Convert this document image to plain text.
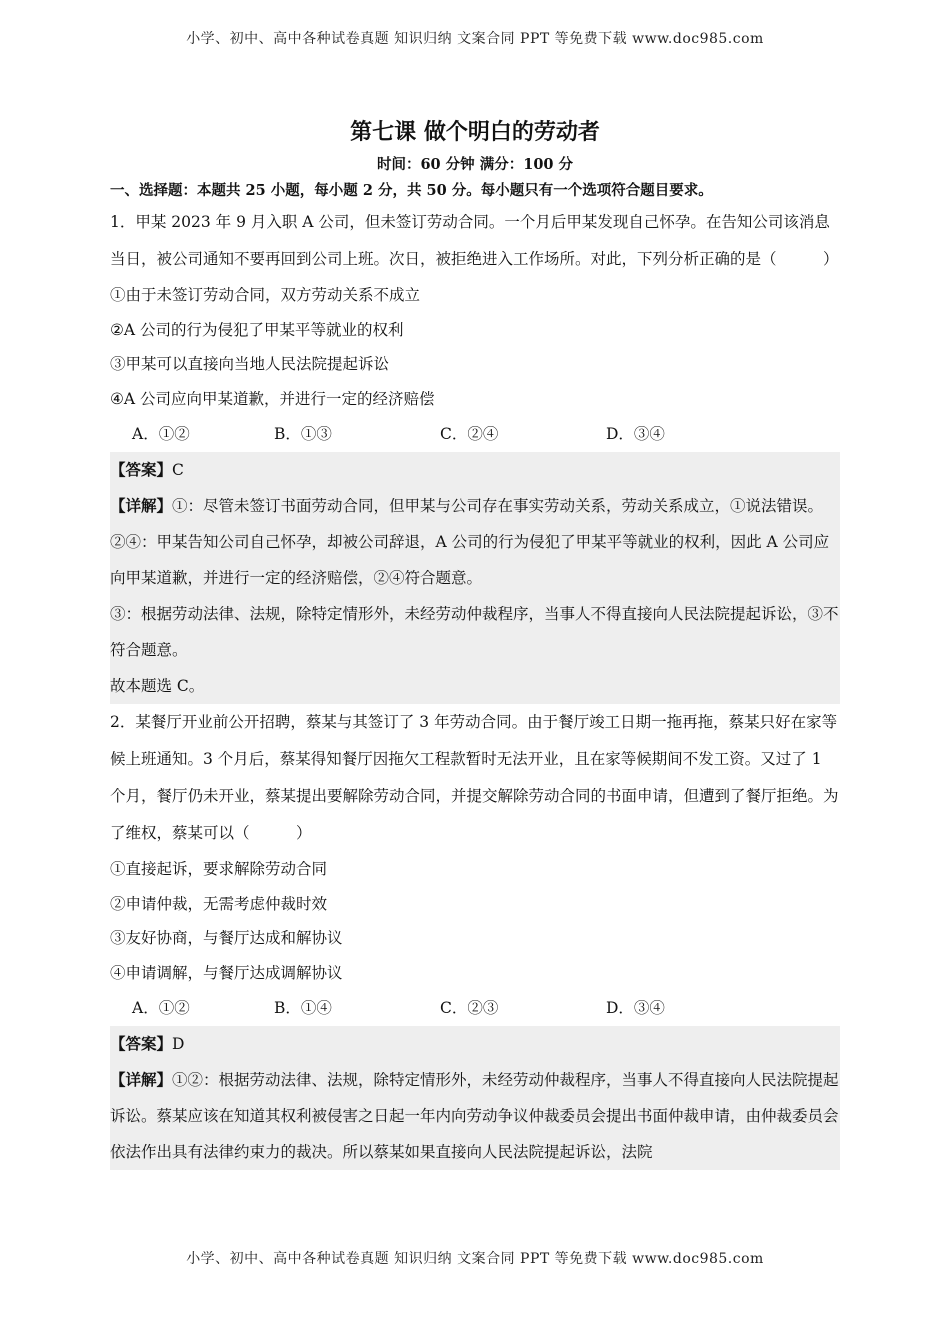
小学、初中、高中各种试卷真题 知识归纳 文案合同 PPT 等免费下载 www.doc985.com
第七课 做个明白的劳动者
时间：60 分钟 满分：100 分
一、选择题：本题共 25 小题，每小题 2 分，共 50 分。每小题只有一个选项符合题目要求。
1．甲某 2023 年 9 月入职 A 公司，但未签订劳动合同。一个月后甲某发现自己怀孕。在告知公司该消息当日，被公司通知不要再回到公司上班。次日，被拒绝进入工作场所。对此，下列分析正确的是（　　　）
①由于未签订劳动合同，双方劳动关系不成立
②A 公司的行为侵犯了甲某平等就业的权利
③甲某可以直接向当地人民法院提起诉讼
④A 公司应向甲某道歉，并进行一定的经济赔偿
A．①②	B．①③	C．②④	D．③④
【答案】C
【详解】①：尽管未签订书面劳动合同，但甲某与公司存在事实劳动关系，劳动关系成立，①说法错误。
②④：甲某告知公司自己怀孕，却被公司辞退，A 公司的行为侵犯了甲某平等就业的权利，因此 A 公司应向甲某道歉，并进行一定的经济赔偿，②④符合题意。
③：根据劳动法律、法规，除特定情形外，未经劳动仲裁程序，当事人不得直接向人民法院提起诉讼，③不符合题意。
故本题选 C。
2．某餐厅开业前公开招聘，蔡某与其签订了 3 年劳动合同。由于餐厅竣工日期一拖再拖，蔡某只好在家等候上班通知。3 个月后，蔡某得知餐厅因拖欠工程款暂时无法开业，且在家等候期间不发工资。又过了 1 个月，餐厅仍未开业，蔡某提出要解除劳动合同，并提交解除劳动合同的书面申请，但遭到了餐厅拒绝。为了维权，蔡某可以（　　　）
①直接起诉，要求解除劳动合同
②申请仲裁，无需考虑仲裁时效
③友好协商，与餐厅达成和解协议
④申请调解，与餐厅达成调解协议
A．①②	B．①④	C．②③	D．③④
【答案】D
【详解】①②：根据劳动法律、法规，除特定情形外，未经劳动仲裁程序，当事人不得直接向人民法院提起诉讼。蔡某应该在知道其权利被侵害之日起一年内向劳动争议仲裁委员会提出书面仲裁申请，由仲裁委员会依法作出具有法律约束力的裁决。所以蔡某如果直接向人民法院提起诉讼，法院
小学、初中、高中各种试卷真题 知识归纳 文案合同 PPT 等免费下载 www.doc985.com
